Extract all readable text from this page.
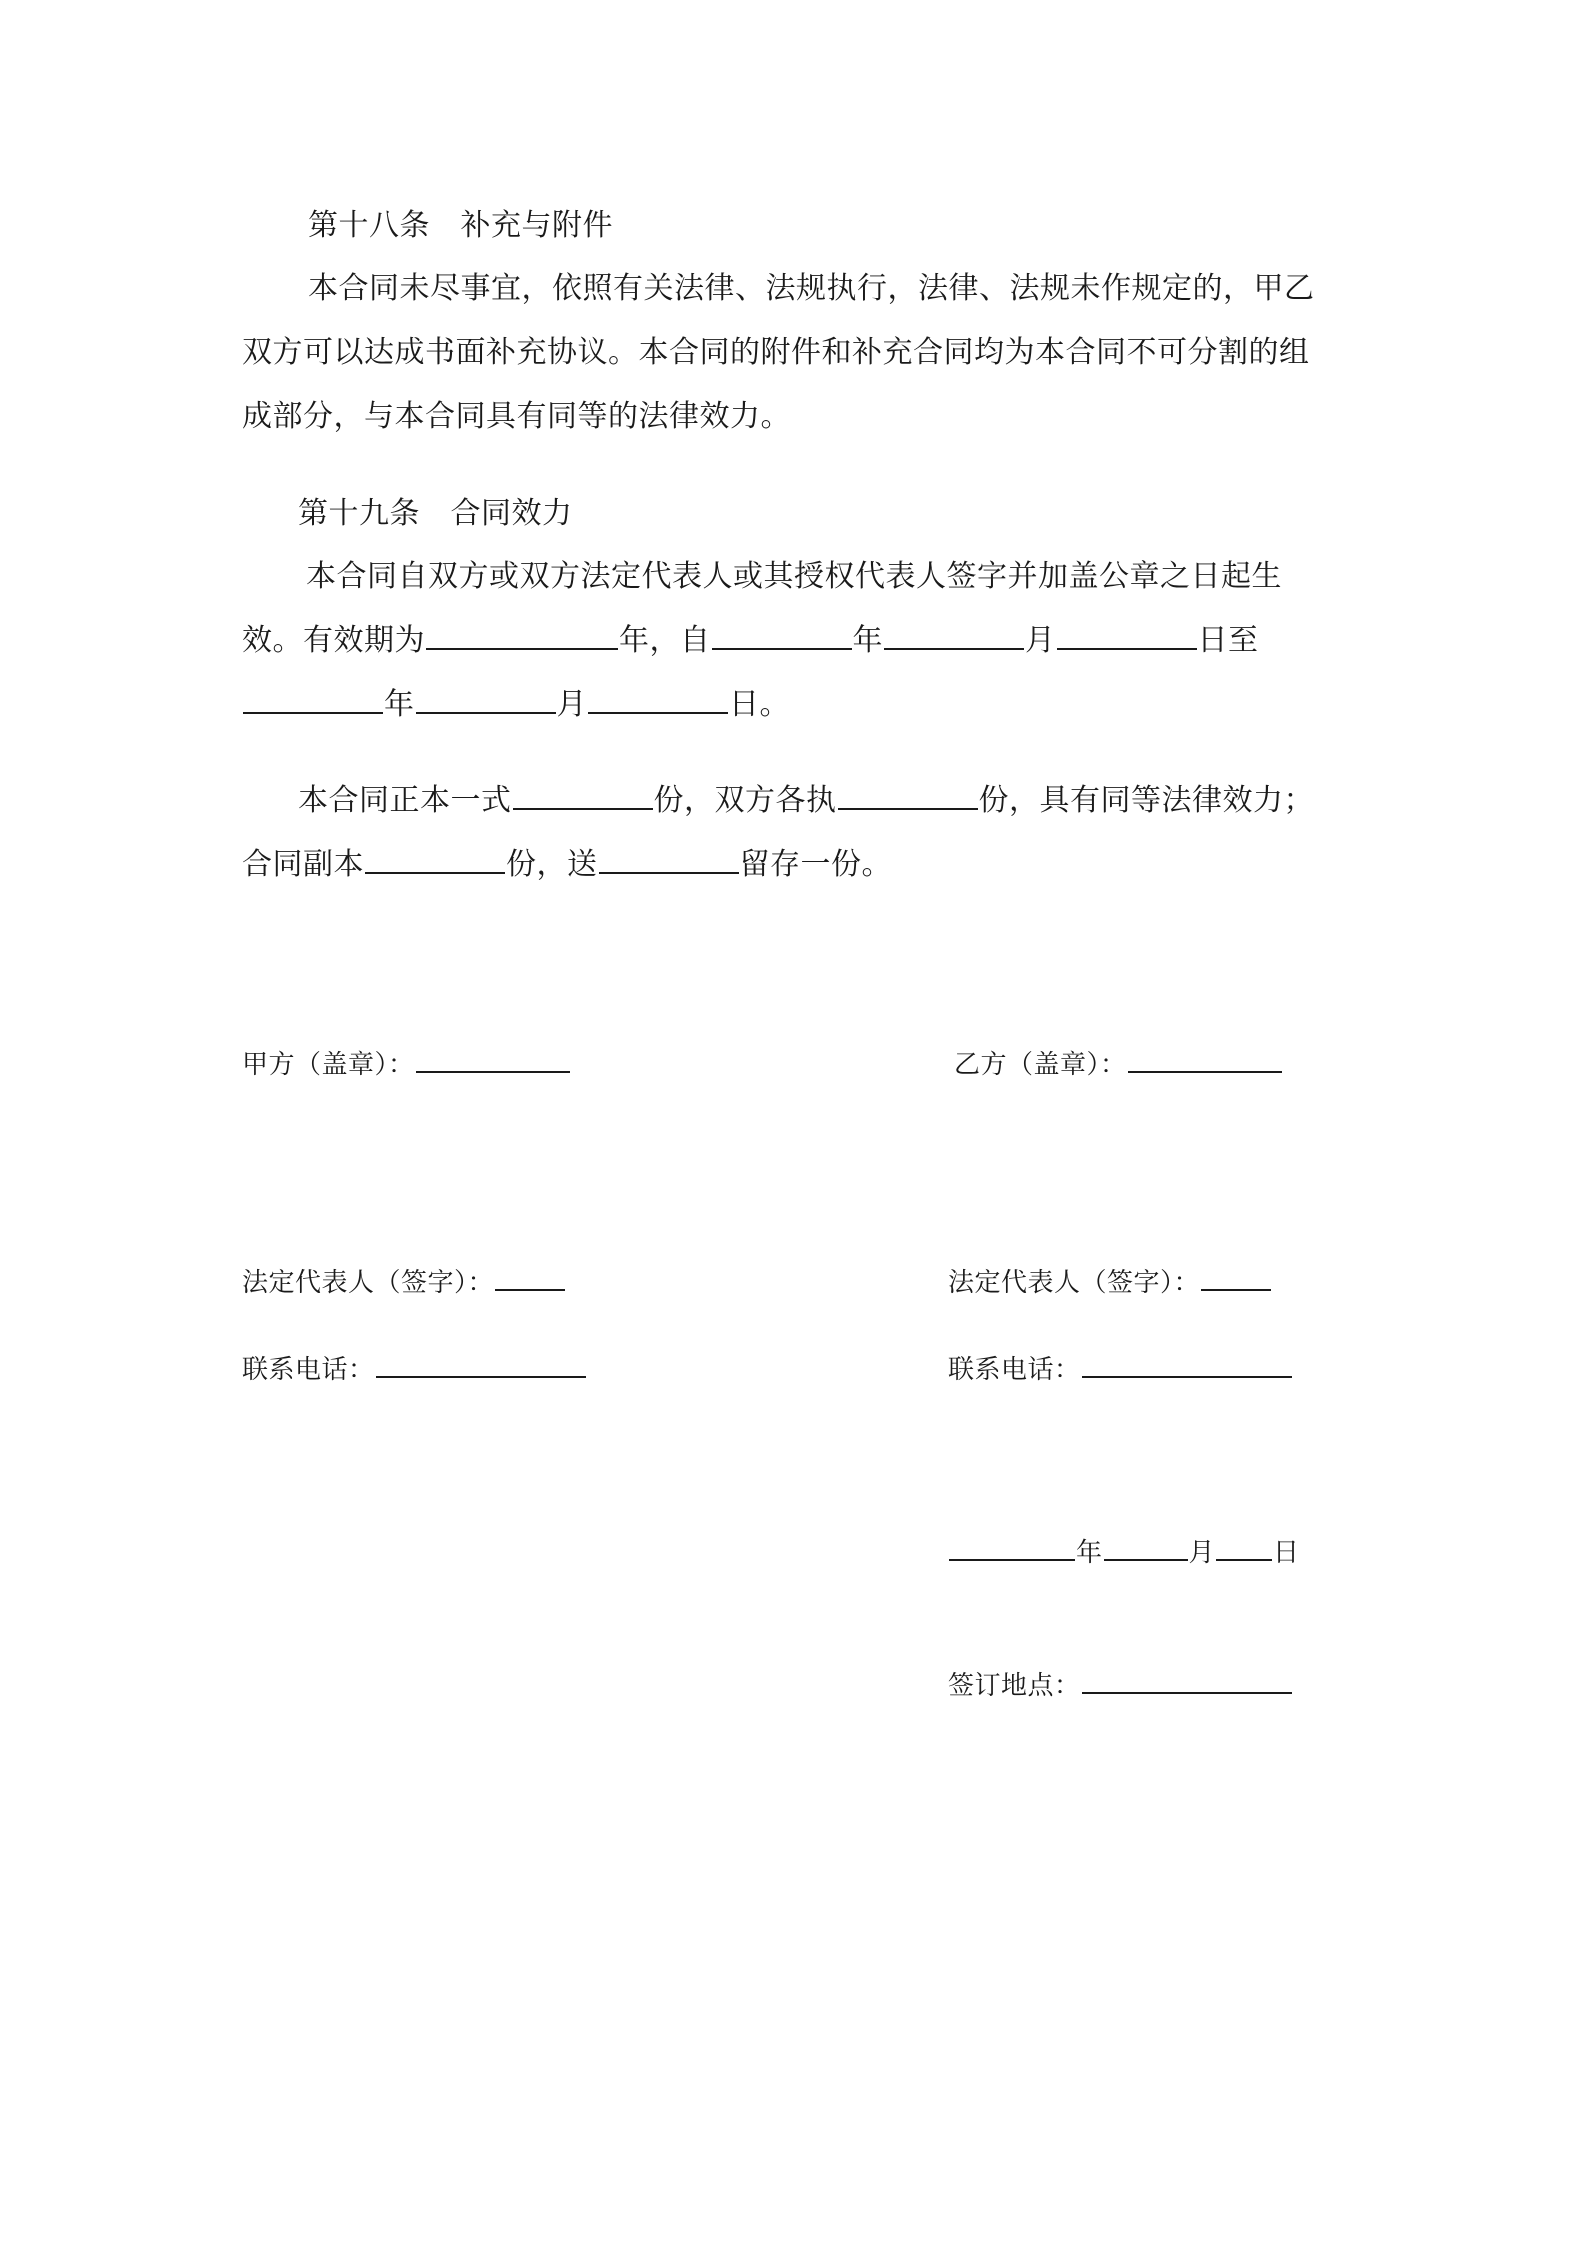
第十八条　补充与附件
本合同未尽事宜，依照有关法律、法规执行，法律、法规未作规定的，甲乙
双方可以达成书面补充协议。本合同的附件和补充合同均为本合同不可分割的组
成部分，与本合同具有同等的法律效力。
第十九条　合同效力
本合同自双方或双方法定代表人或其授权代表人签字并加盖公章之日起生
效。有效期为	年，自	年	月	日至
年	月	日。
本合同正本一式	份，双方各执	份，具有同等法律效力；
合同副本	份，送	留存一份。
甲方（盖章）：	乙方（盖章）：
法定代表人（签字）：	法定代表人（签字）：
联系电话：	联系电话：
年	月 日
签订地点：
